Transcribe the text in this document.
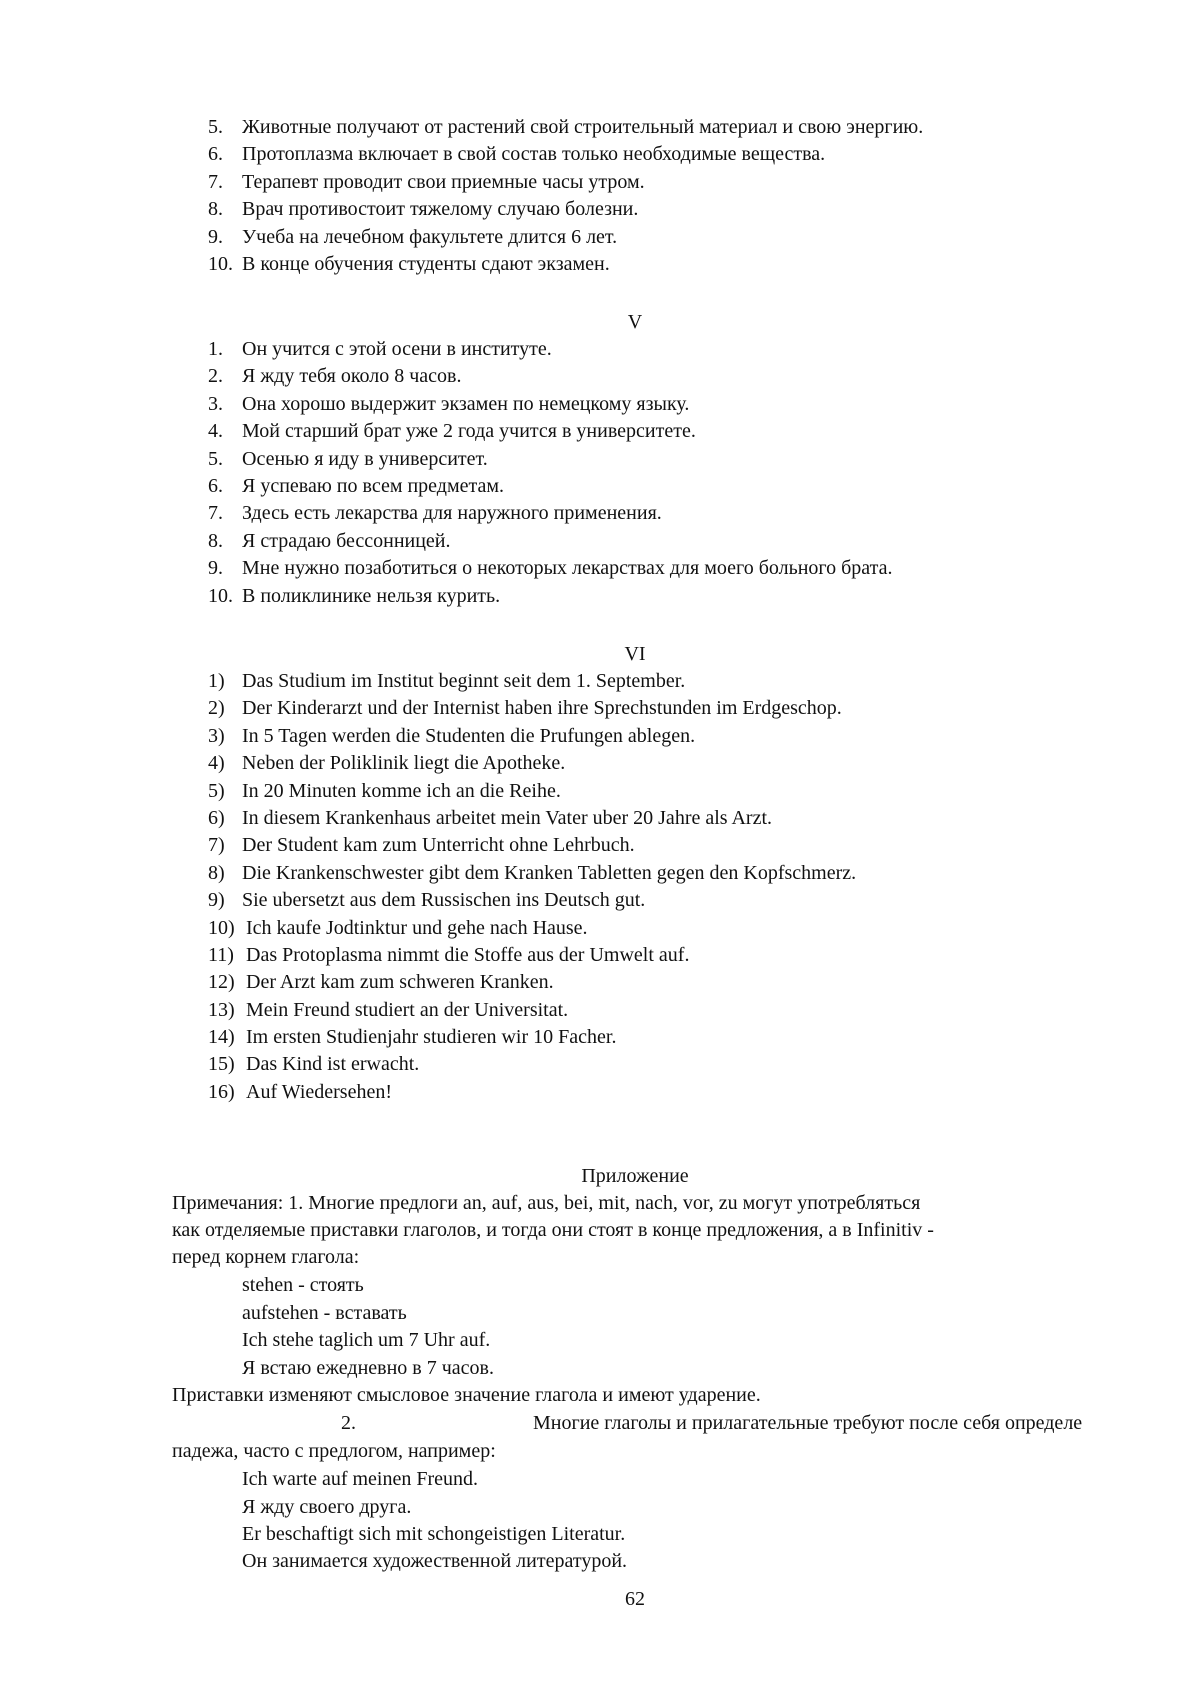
5. Животные получают от растений свой строительный материал и свою энергию.
6. Протоплазма включает в свой состав только необходимые вещества.
7. Терапевт проводит свои приемные часы утром.
8. Врач противостоит тяжелому случаю болезни.
9. Учеба на лечебном факультете длится 6 лет.
10. В конце обучения студенты сдают экзамен.
V
1. Он учится с этой осени в институте.
2. Я жду тебя около 8 часов.
3. Она хорошо выдержит экзамен по немецкому языку.
4. Мой старший брат уже 2 года учится в университете.
5. Осенью я иду в университет.
6. Я успеваю по всем предметам.
7. Здесь есть лекарства для наружного применения.
8. Я страдаю бессонницей.
9. Мне нужно позаботиться о некоторых лекарствах для моего больного брата.
10. В поликлинике нельзя курить.
VI
1) Das Studium im Institut beginnt seit dem 1. September.
2) Der Kinderarzt und der Internist haben ihre Sprechstunden im Erdgeschop.
3) In 5 Tagen werden die Studenten die Prufungen ablegen.
4) Neben der Poliklinik liegt die Apotheke.
5) In 20 Minuten komme ich an die Reihe.
6) In diesem Krankenhaus arbeitet mein Vater uber 20 Jahre als Arzt.
7) Der Student kam zum Unterricht ohne Lehrbuch.
8) Die Krankenschwester gibt dem Kranken Tabletten gegen den Kopfschmerz.
9) Sie ubersetzt aus dem Russischen ins Deutsch gut.
10) Ich kaufe Jodtinktur und gehe nach Hause.
11) Das Protoplasma nimmt die Stoffe aus der Umwelt auf.
12) Der Arzt kam zum schweren Kranken.
13) Mein Freund studiert an der Universitat.
14) Im ersten Studienjahr studieren wir 10 Facher.
15) Das Kind ist erwacht.
16) Auf Wiedersehen!
Приложение
Примечания: 1. Многие предлоги an, auf, aus, bei, mit, nach, vor, zu могут употребляться
как отделяемые приставки глаголов, и тогда они стоят в конце предложения, а в Infinitiv -
перед корнем глагола:
stehen - стоять
aufstehen - вставать
Ich stehe taglich um 7 Uhr auf.
Я встаю ежедневно в 7 часов.
Приставки изменяют смысловое значение глагола и имеют ударение.
2.	Многие глаголы и прилагательные требуют после себя определе
падежа, часто с предлогом, например:
Ich warte auf meinen Freund.
Я жду своего друга.
Er beschaftigt sich mit schongeistigen Literatur.
Он занимается художественной литературой.
62
